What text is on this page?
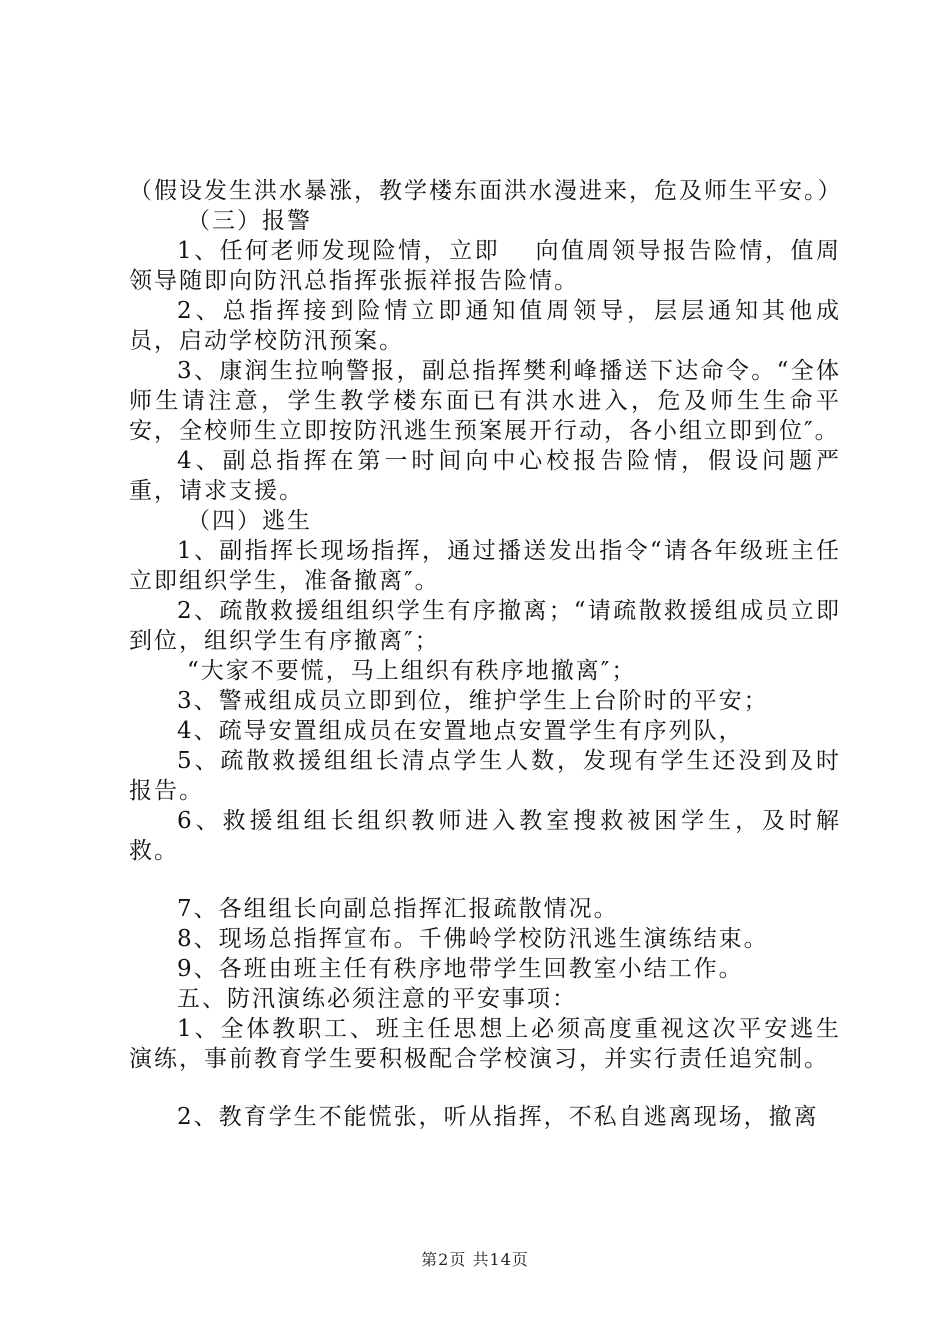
（假设发生洪水暴涨，教学楼东面洪水漫进来，危及师生平安。）

（三）报警

1、任何老师发现险情，立即　 向值周领导报告险情，值周领导随即向防汛总指挥张振祥报告险情。

2、总指挥接到险情立即通知值周领导，层层通知其他成员，启动学校防汛预案。

3、康润生拉响警报，副总指挥樊利峰播送下达命令。“全体师生请注意，学生教学楼东面已有洪水进入，危及师生生命平安，全校师生立即按防汛逃生预案展开行动，各小组立即到位″。

4、副总指挥在第一时间向中心校报告险情，假设问题严重，请求支援。

（四）逃生

1、副指挥长现场指挥，通过播送发出指令“请各年级班主任立即组织学生，准备撤离″。

2、疏散救援组组织学生有序撤离；“请疏散救援组成员立即到位，组织学生有序撤离″；

“大家不要慌，马上组织有秩序地撤离″；

3、警戒组成员立即到位，维护学生上台阶时的平安；

4、疏导安置组成员在安置地点安置学生有序列队，

5、疏散救援组组长清点学生人数，发现有学生还没到及时报告。

6、救援组组长组织教师进入教室搜救被困学生，及时解救。

7、各组组长向副总指挥汇报疏散情况。

8、现场总指挥宣布。千佛岭学校防汛逃生演练结束。

9、各班由班主任有秩序地带学生回教室小结工作。

五、防汛演练必须注意的平安事项：

1、全体教职工、班主任思想上必须高度重视这次平安逃生演练，事前教育学生要积极配合学校演习，并实行责任追究制。

2、教育学生不能慌张，听从指挥，不私自逃离现场，撤离

第2页 共14页
